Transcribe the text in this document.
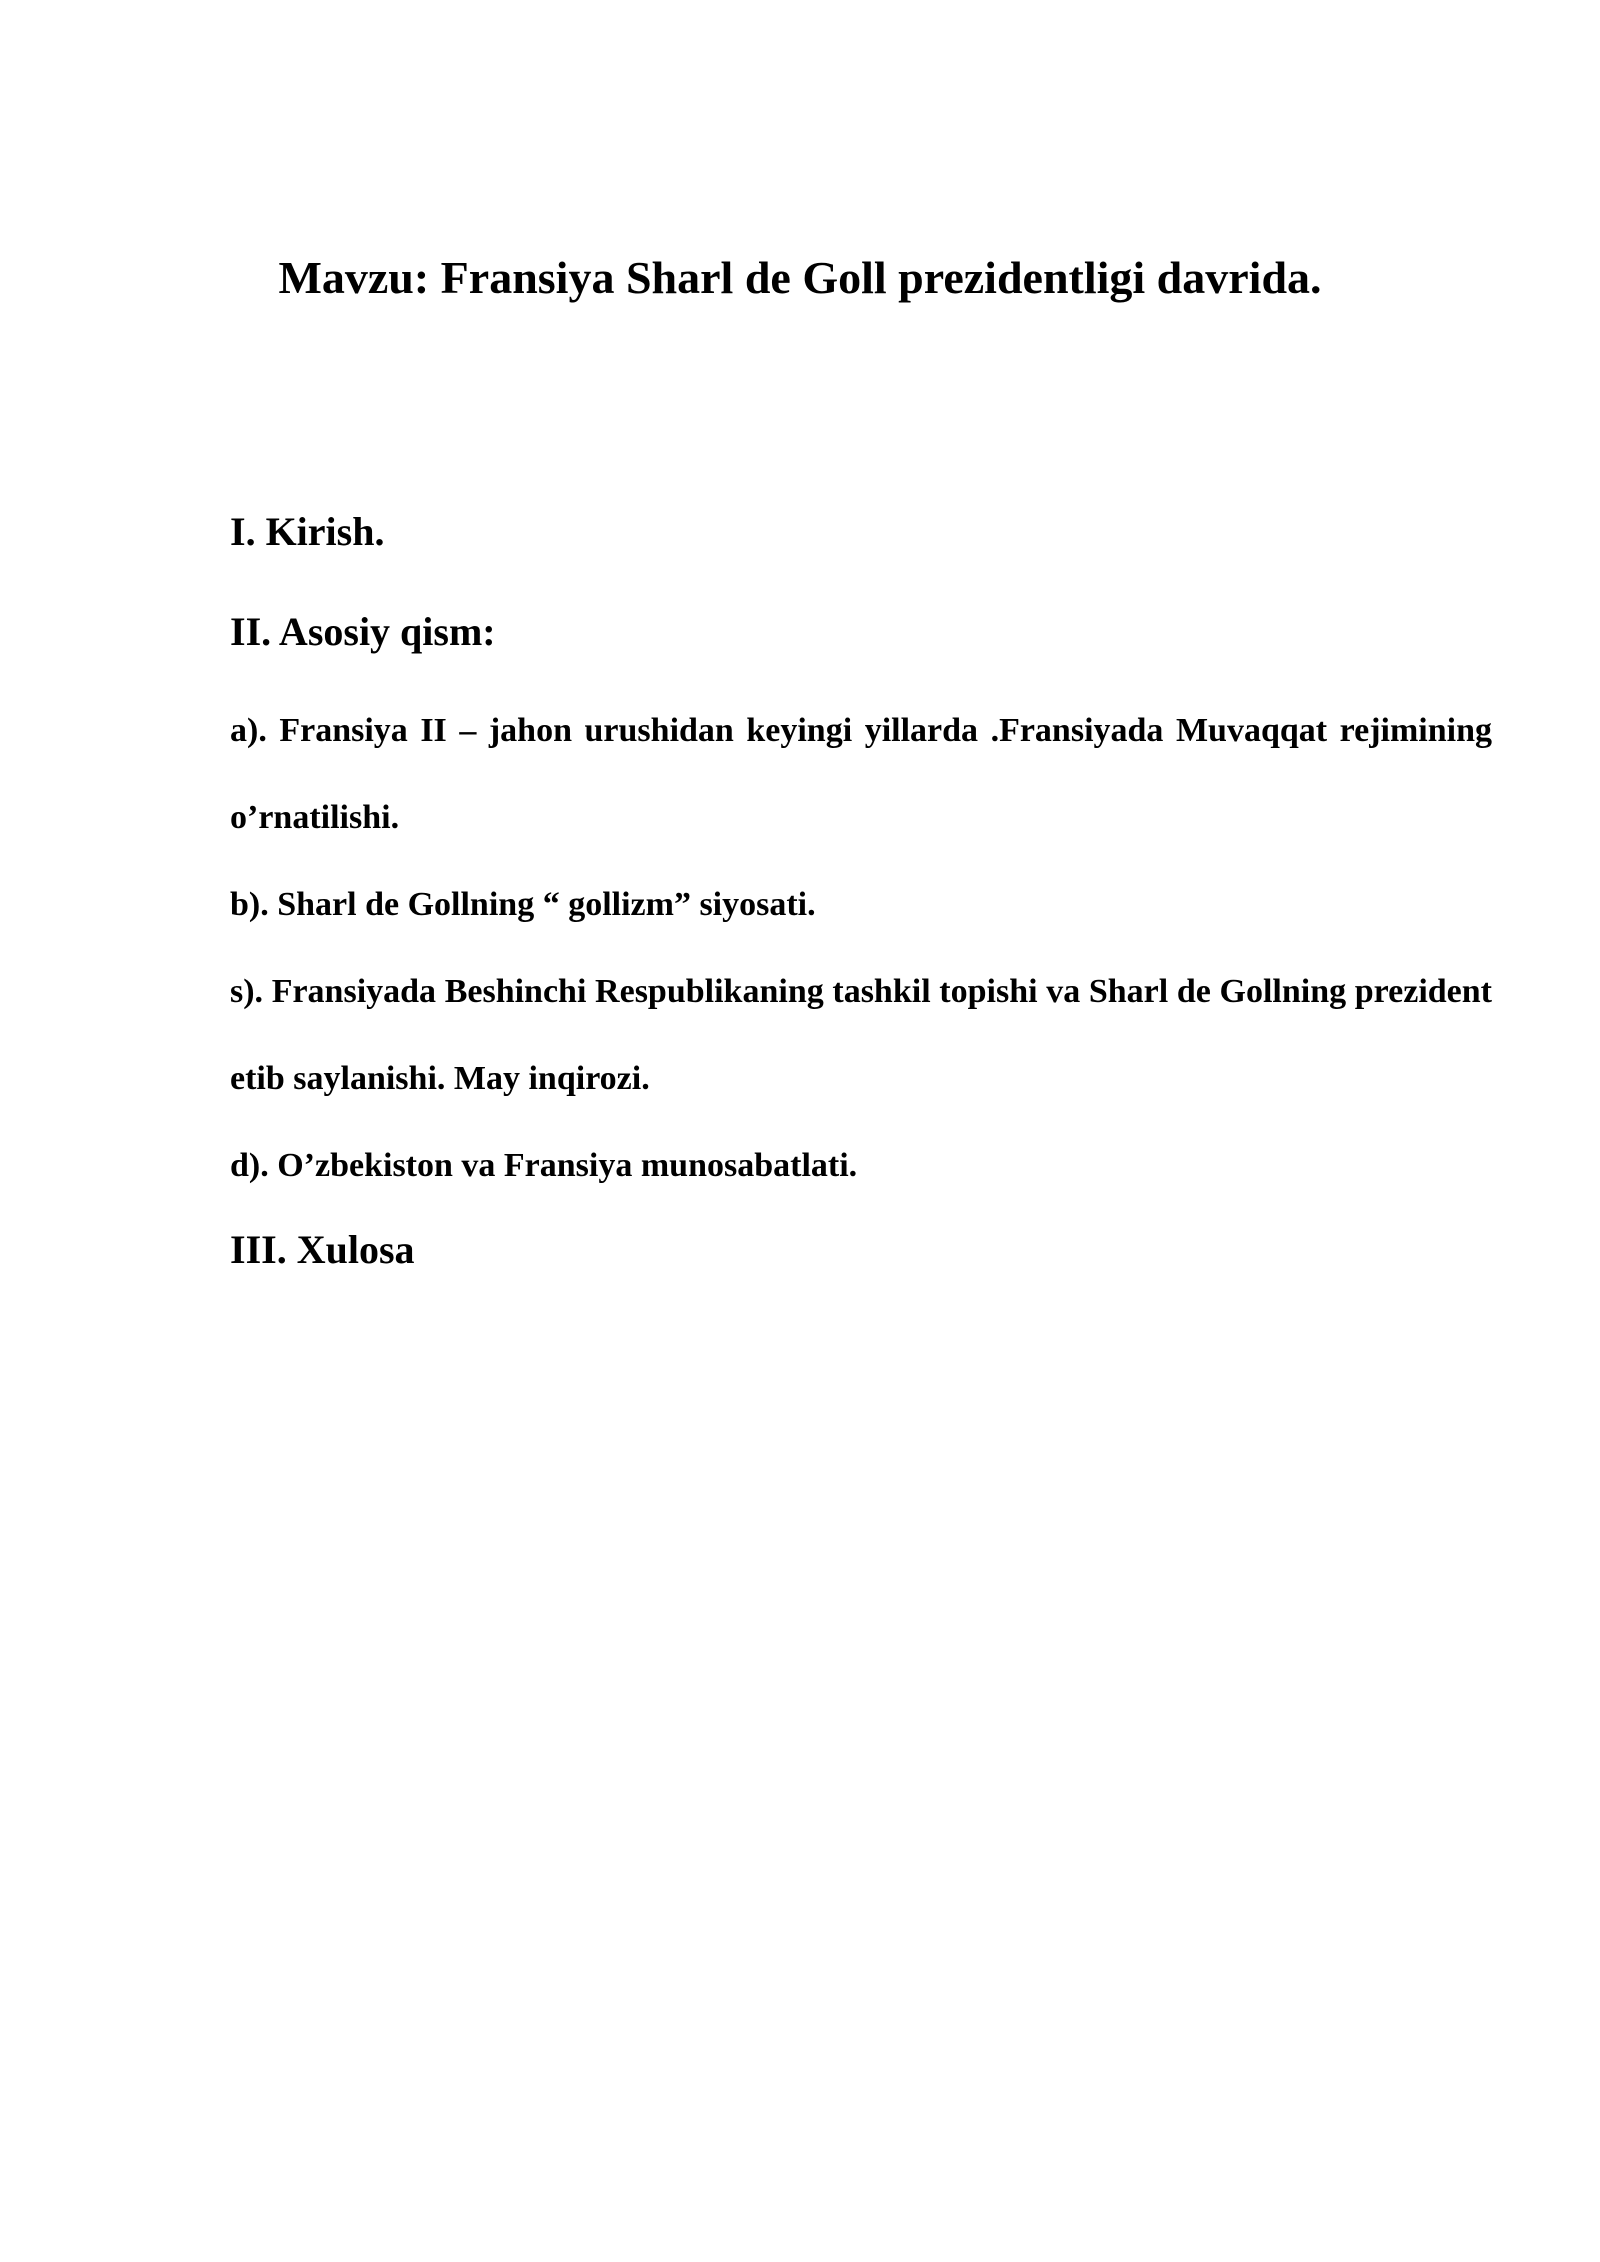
Mavzu: Fransiya Sharl de Goll prezidentligi davrida.
I. Kirish.
II. Asosiy qism:

a). Fransiya II – jahon urushidan keyingi yillarda .Fransiyada Muvaqqat rejimining o’rnatilishi.

b). Sharl de Gollning “ gollizm” siyosati.

s). Fransiyada Beshinchi Respublikaning tashkil topishi va Sharl de Gollning prezident etib saylanishi. May inqirozi.

d). O’zbekiston va Fransiya munosabatlati.

III. Xulosa
